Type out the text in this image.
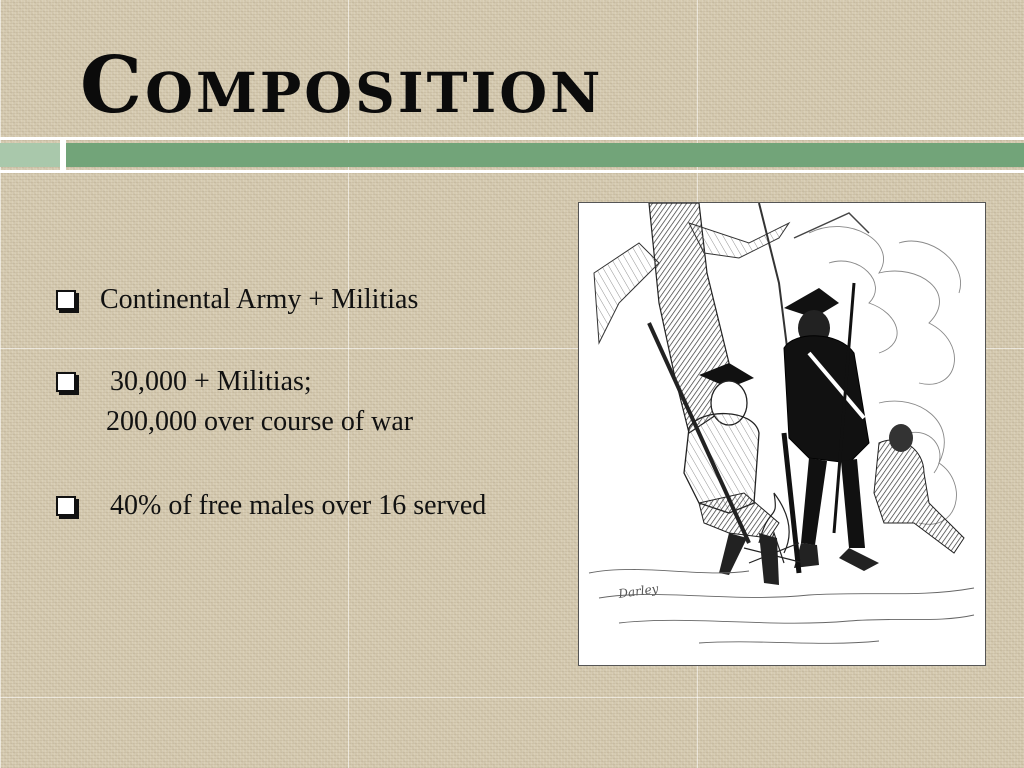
Composition
Continental Army + Militias
30,000 + Militias;
200,000 over course of war
40% of free males over 16 served
Darley
